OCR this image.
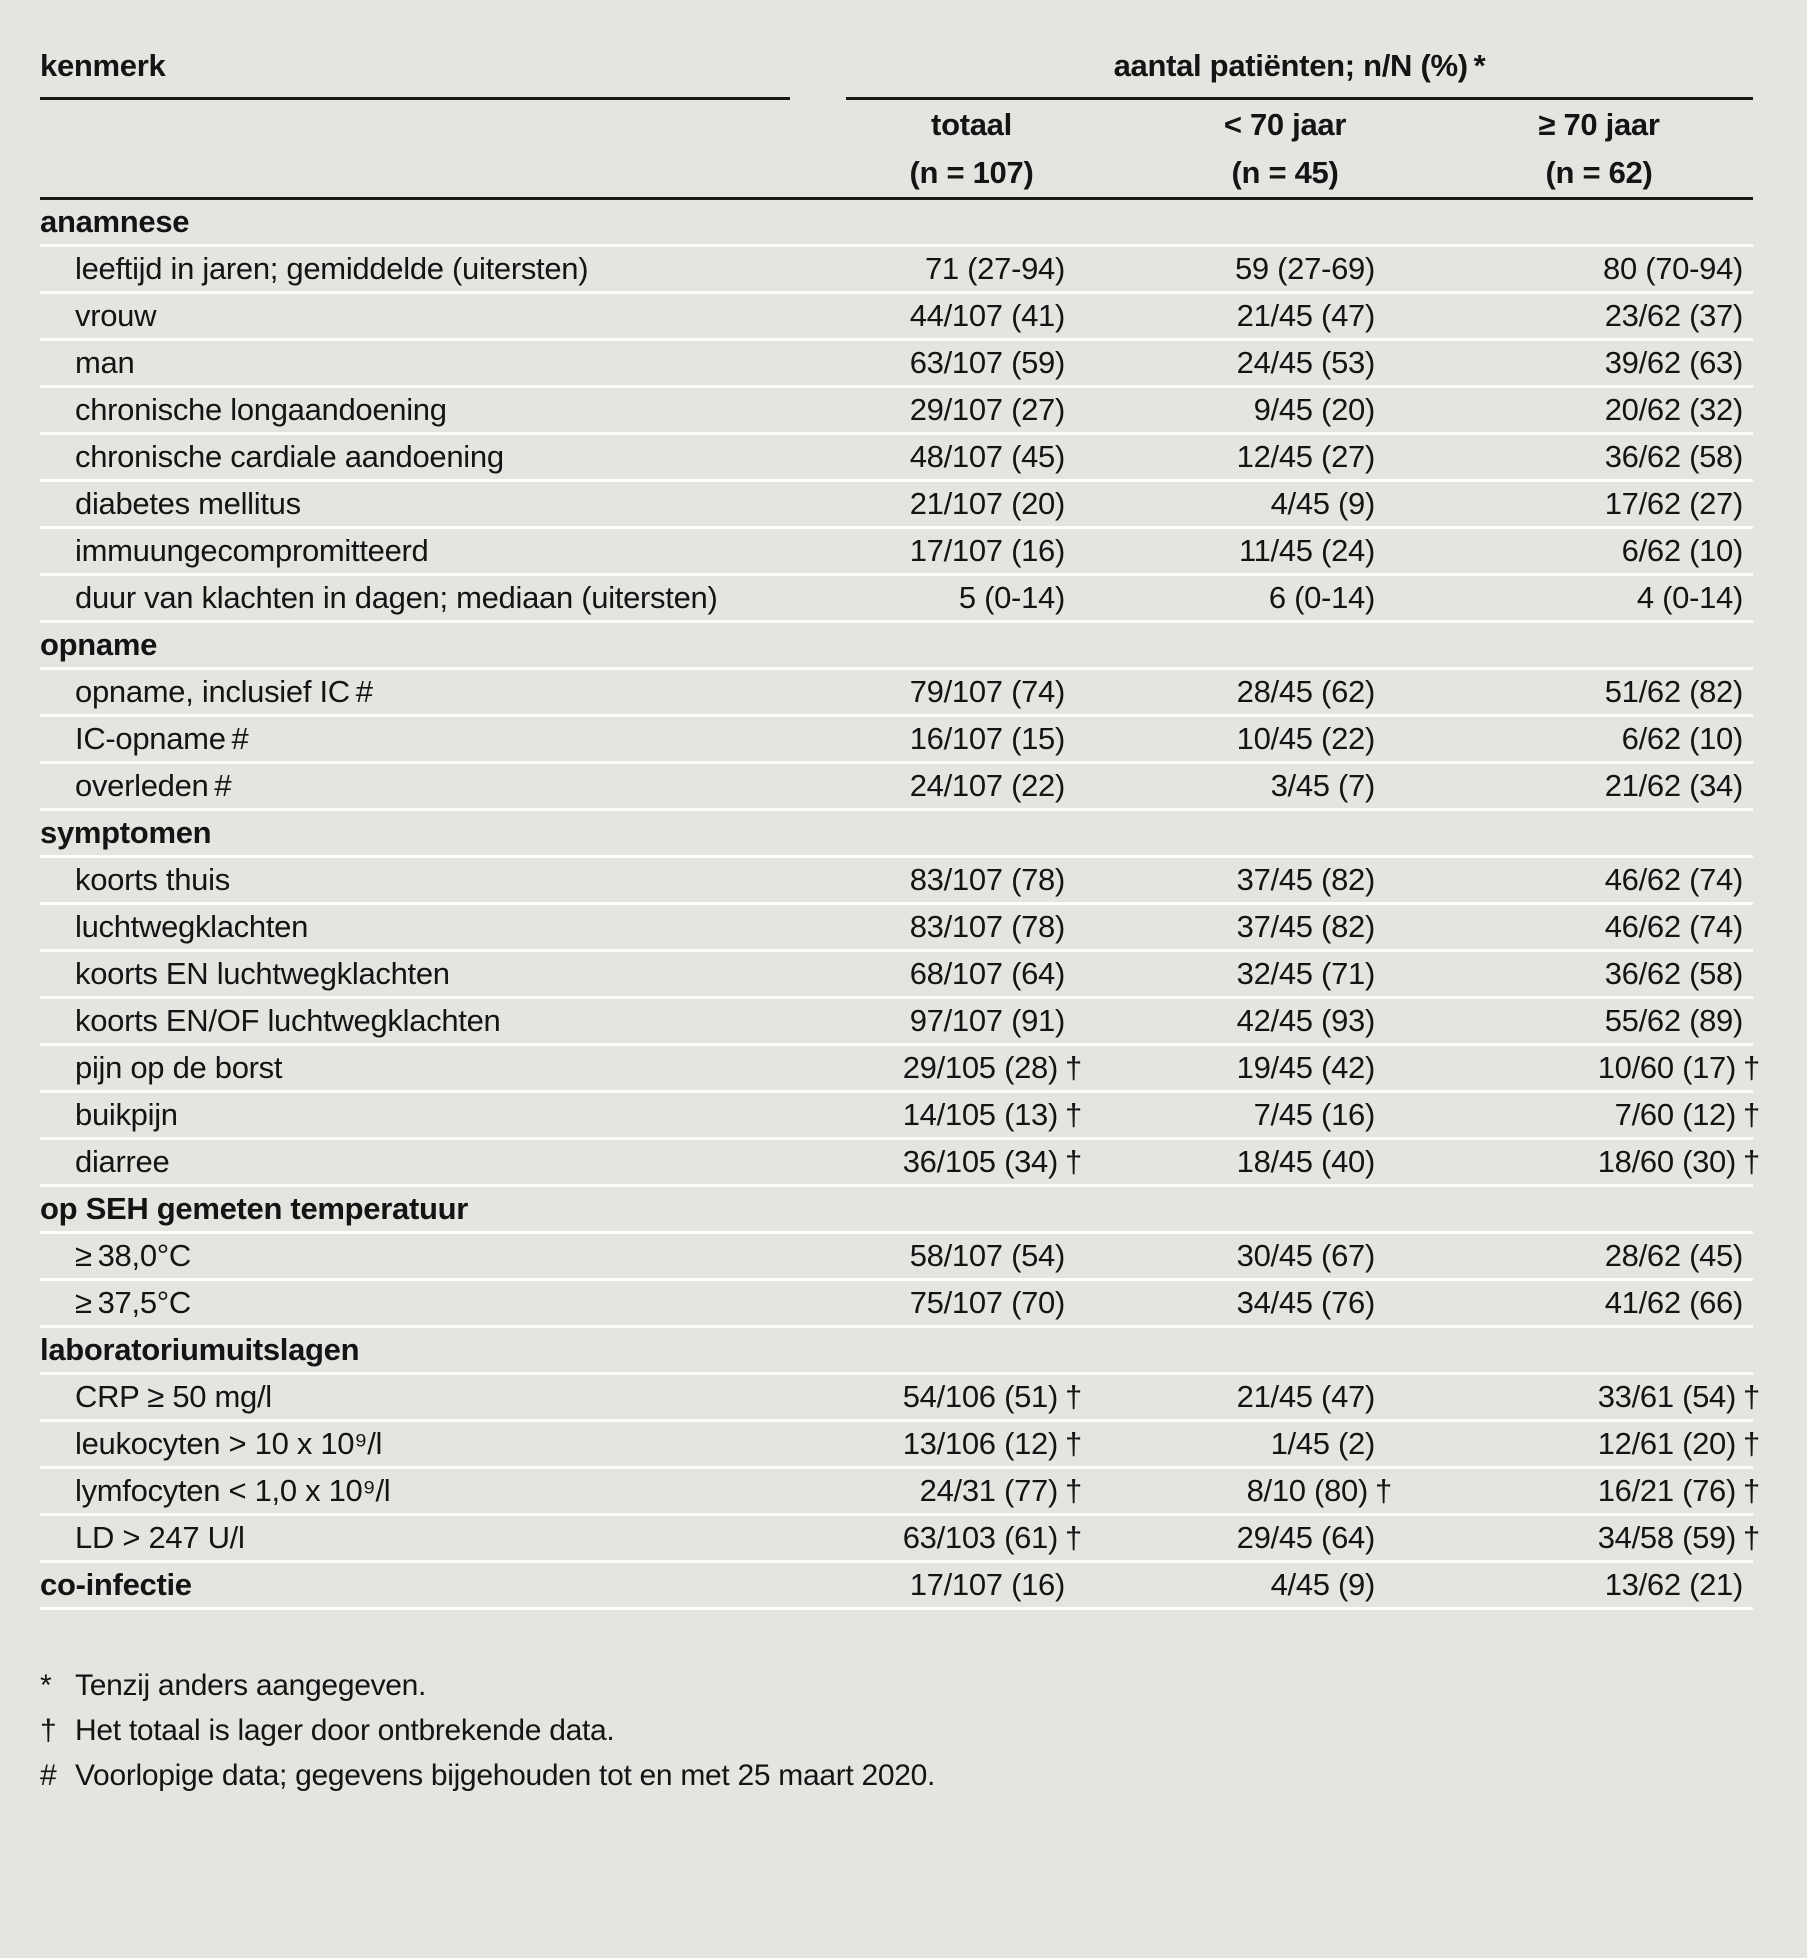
kenmerk	aantal patiënten; n/N (%) *		

	totaal	< 70 jaar	≥ 70 jaar
	(n = 107)	(n = 45)	(n = 62)
anamnese			
leeftijd in jaren; gemiddelde (uitersten)	71 (27-94)	59 (27-69)	80 (70-94)
vrouw	44/107 (41)	21/45 (47)	23/62 (37)
man	63/107 (59)	24/45 (53)	39/62 (63)
chronische longaandoening	29/107 (27)	9/45 (20)	20/62 (32)
chronische cardiale aandoening	48/107 (45)	12/45 (27)	36/62 (58)
diabetes mellitus	21/107 (20)	4/45 (9)	17/62 (27)
immuungecompromitteerd	17/107 (16)	11/45 (24)	6/62 (10)
duur van klachten in dagen; mediaan (uitersten)	5 (0-14)	6 (0-14)	4 (0-14)
opname			
opname, inclusief IC #	79/107 (74)	28/45 (62)	51/62 (82)
IC-opname #	16/107 (15)	10/45 (22)	6/62 (10)
overleden #	24/107 (22)	3/45 (7)	21/62 (34)
symptomen			
koorts thuis	83/107 (78)	37/45 (82)	46/62 (74)
luchtwegklachten	83/107 (78)	37/45 (82)	46/62 (74)
koorts EN luchtwegklachten	68/107 (64)	32/45 (71)	36/62 (58)
koorts EN/OF luchtwegklachten	97/107 (91)	42/45 (93)	55/62 (89)
pijn op de borst	29/105 (28) †	19/45 (42)	10/60 (17) †
buikpijn	14/105 (13) †	7/45 (16)	7/60 (12) †
diarree	36/105 (34) †	18/45 (40)	18/60 (30) †
op SEH gemeten temperatuur			
≥ 38,0°C	58/107 (54)	30/45 (67)	28/62 (45)
≥ 37,5°C	75/107 (70)	34/45 (76)	41/62 (66)
laboratoriumuitslagen			
CRP ≥ 50 mg/l	54/106 (51) †	21/45 (47)	33/61 (54) †
leukocyten > 10 x 10⁹/l	13/106 (12) †	1/45 (2)	12/61 (20) †
lymfocyten < 1,0 x 10⁹/l	24/31 (77) †	8/10 (80) †	16/21 (76) †
LD > 247 U/l	63/103 (61) †	29/45 (64)	34/58 (59) †
co-infectie	17/107 (16)	4/45 (9)	13/62 (21)
* Tenzij anders aangegeven.
† Het totaal is lager door ontbrekende data.
# Voorlopige data; gegevens bijgehouden tot en met 25 maart 2020.
